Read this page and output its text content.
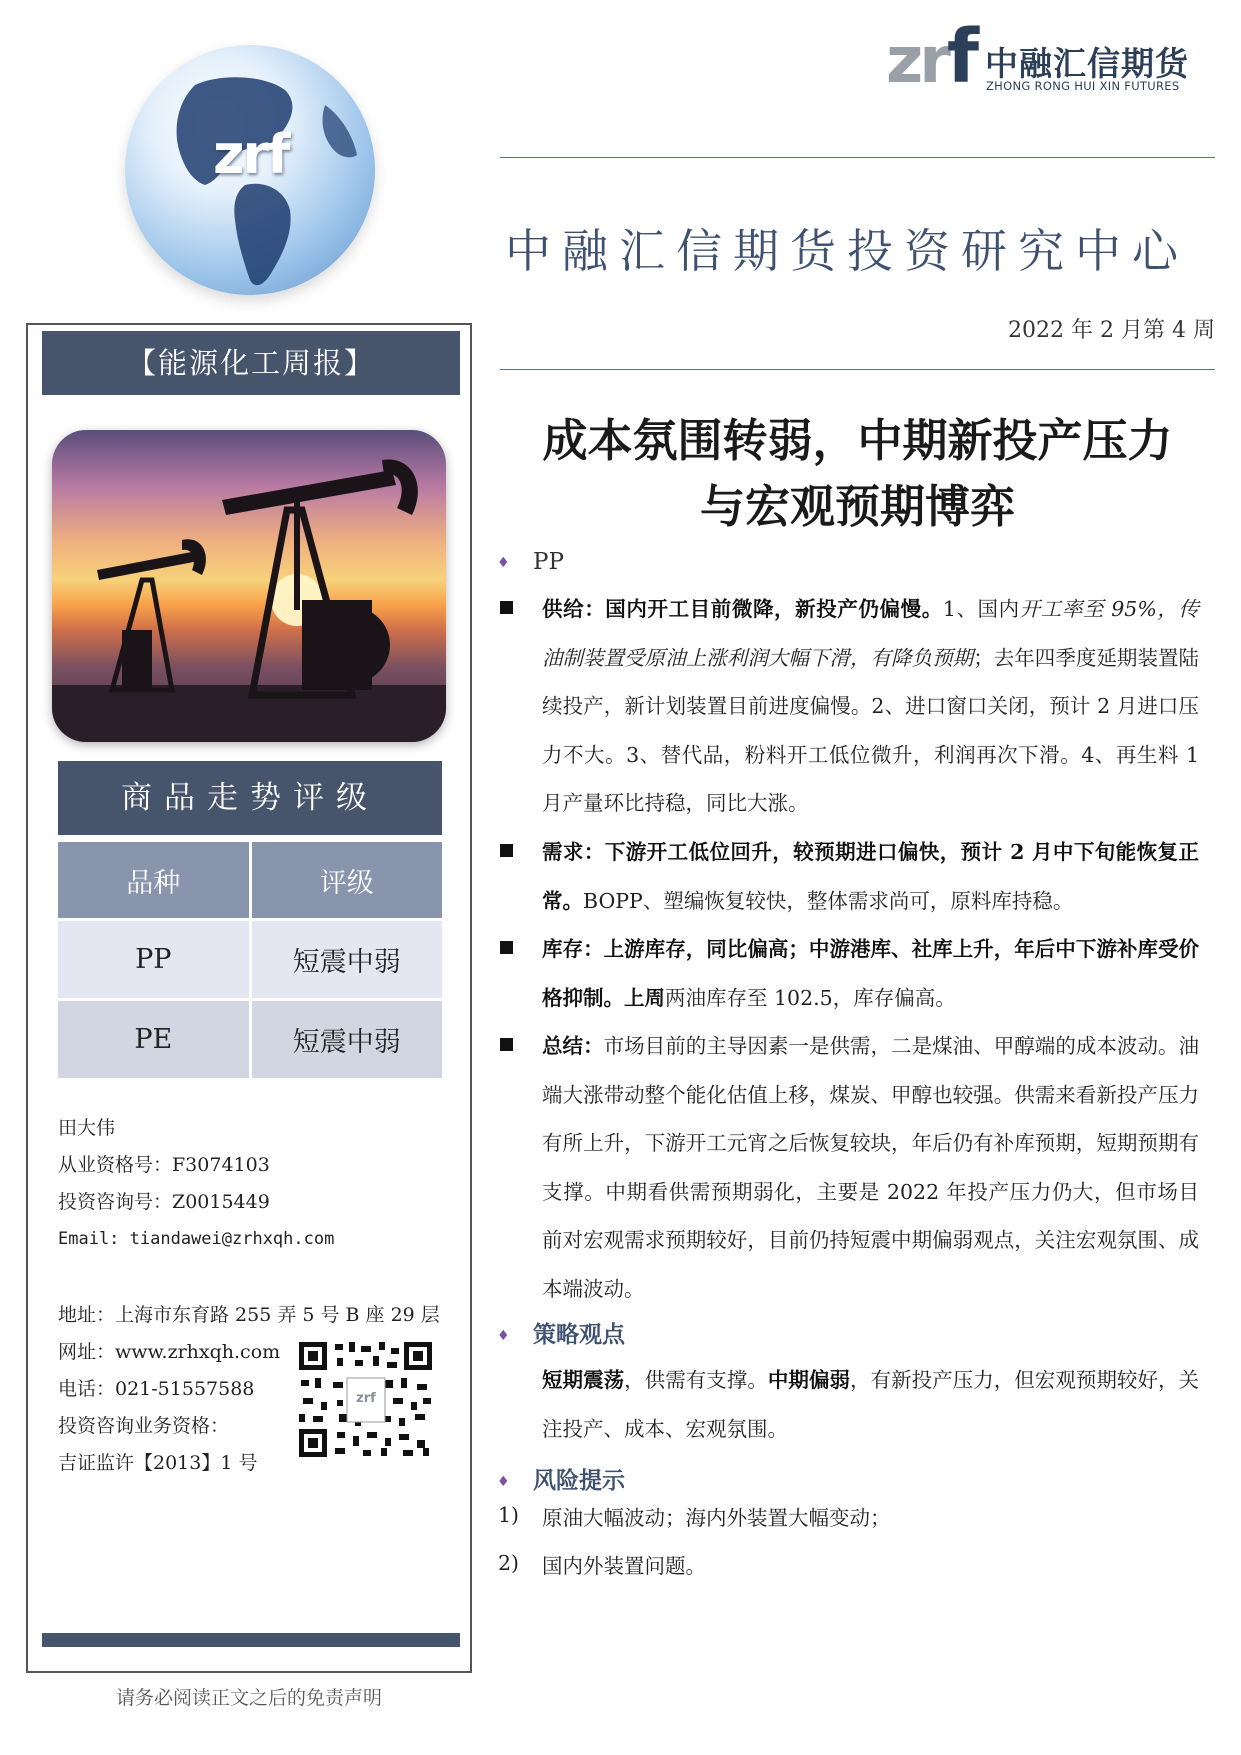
zrf
zrf 中融汇信期货
ZHONG RONG HUI XIN FUTURES
中融汇信期货投资研究中心
2022 年 2 月第 4 周
成本氛围转弱，中期新投产压力
与宏观预期博弈
【能源化工周报】
商品走势评级
品种	评级
PP	短震中弱
PE	短震中弱
田大伟
从业资格号：F3074103
投资咨询号：Z0015449
Email: tiandawei@zrhxqh.com
地址：上海市东育路 255 弄 5 号 B 座 29 层
网址：www.zrhxqh.com
电话：021-51557588
投资咨询业务资格：
吉证监许【2013】1 号
zrf
请务必阅读正文之后的免责声明
♦ PP
供给：国内开工目前微降，新投产仍偏慢。1、国内开工率至 95%，传油制装置受原油上涨利润大幅下滑，有降负预期；去年四季度延期装置陆续投产，新计划装置目前进度偏慢。2、进口窗口关闭，预计 2 月进口压力不大。3、替代品，粉料开工低位微升，利润再次下滑。4、再生料 1 月产量环比持稳，同比大涨。
需求：下游开工低位回升，较预期进口偏快，预计 2 月中下旬能恢复正常。BOPP、塑编恢复较快，整体需求尚可，原料库持稳。
库存：上游库存，同比偏高；中游港库、社库上升，年后中下游补库受价格抑制。上周两油库存至 102.5，库存偏高。
总结：市场目前的主导因素一是供需，二是煤油、甲醇端的成本波动。油端大涨带动整个能化估值上移，煤炭、甲醇也较强。供需来看新投产压力有所上升，下游开工元宵之后恢复较块，年后仍有补库预期，短期预期有支撑。中期看供需预期弱化，主要是 2022 年投产压力仍大，但市场目前对宏观需求预期较好，目前仍持短震中期偏弱观点，关注宏观氛围、成本端波动。
♦ 策略观点
短期震荡，供需有支撑。中期偏弱，有新投产压力，但宏观预期较好，关注投产、成本、宏观氛围。
♦ 风险提示
1) 原油大幅波动；海内外装置大幅变动；
2) 国内外装置问题。
